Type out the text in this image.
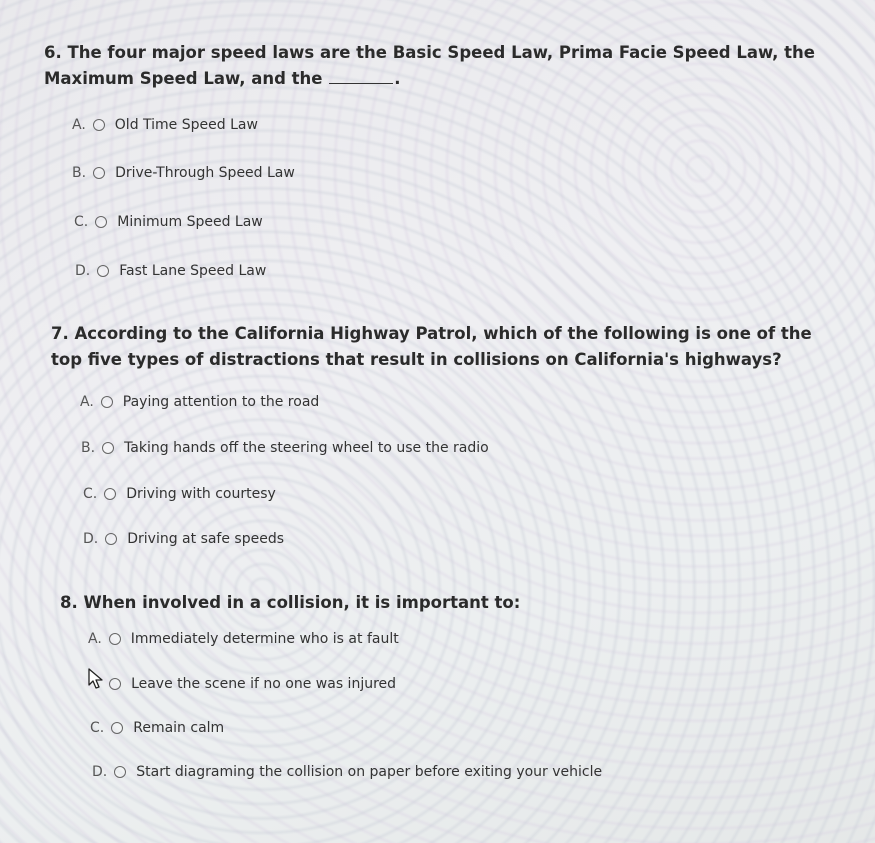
6. The four major speed laws are the Basic Speed Law, Prima Facie Speed Law, the Maximum Speed Law, and the	.
A. Old Time Speed Law
B. Drive-Through Speed Law
C. Minimum Speed Law
D. Fast Lane Speed Law
7. According to the California Highway Patrol, which of the following is one of the top five types of distractions that result in collisions on California's highways?
A. Paying attention to the road
B. Taking hands off the steering wheel to use the radio
C. Driving with courtesy
D. Driving at safe speeds
8. When involved in a collision, it is important to:
A. Immediately determine who is at fault
Leave the scene if no one was injured
C. Remain calm
D. Start diagraming the collision on paper before exiting your vehicle
